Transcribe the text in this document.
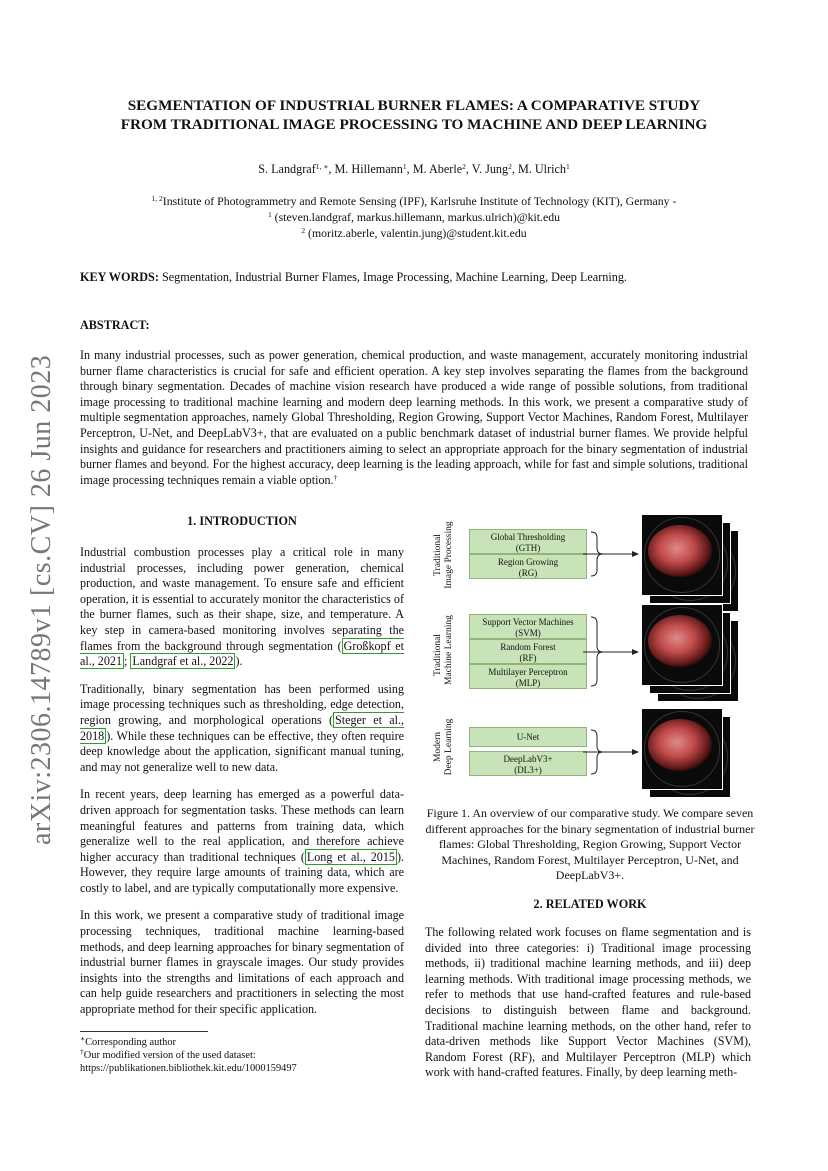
arXiv:2306.14789v1 [cs.CV] 26 Jun 2023
SEGMENTATION OF INDUSTRIAL BURNER FLAMES: A COMPARATIVE STUDY
FROM TRADITIONAL IMAGE PROCESSING TO MACHINE AND DEEP LEARNING
S. Landgraf$^{1, ∗}$, M. Hillemann$^1$, M. Aberle$^2$, V. Jung$^2$, M. Ulrich$^1$
$^{1, 2}$Institute of Photogrammetry and Remote Sensing (IPF), Karlsruhe Institute of Technology (KIT), Germany -
$^1$ (steven.landgraf, markus.hillemann, markus.ulrich)@kit.edu
$^2$ (moritz.aberle, valentin.jung)@student.kit.edu
KEY WORDS: Segmentation, Industrial Burner Flames, Image Processing, Machine Learning, Deep Learning.
ABSTRACT:
In many industrial processes, such as power generation, chemical production, and waste management, accurately monitoring industrial burner flame characteristics is crucial for safe and efficient operation. A key step involves separating the flames from the background through binary segmentation. Decades of machine vision research have produced a wide range of possible solutions, from traditional image processing to traditional machine learning and modern deep learning methods. In this work, we present a comparative study of multiple segmentation approaches, namely Global Thresholding, Region Growing, Support Vector Machines, Random Forest, Multilayer Perceptron, U-Net, and DeepLabV3+, that are evaluated on a public benchmark dataset of industrial burner flames. We provide helpful insights and guidance for researchers and practitioners aiming to select an appropriate approach for the binary segmentation of industrial burner flames and beyond. For the highest accuracy, deep learning is the leading approach, while for fast and simple solutions, traditional image processing techniques remain a viable option.†
1. INTRODUCTION

Industrial combustion processes play a critical role in many industrial processes, including power generation, chemical production, and waste management. To ensure safe and efficient operation, it is essential to accurately monitor the characteristics of the burner flames, such as their shape, size, and temperature. A key step in camera-based monitoring involves separating the flames from the background through segmentation ( Großkopf et al., 2021 ; Landgraf et al., 2022 ).

Traditionally, binary segmentation has been performed using image processing techniques such as thresholding, edge detection, region growing, and morphological operations ( Steger et al., 2018 ). While these techniques can be effective, they often require deep knowledge about the application, significant manual tuning, and may not generalize well to new data.

In recent years, deep learning has emerged as a powerful data-driven approach for segmentation tasks. These methods can learn meaningful features and patterns from training data, which generalize well to the real application, and therefore achieve higher accuracy than traditional techniques ( Long et al., 2015 ). However, they require large amounts of training data, which are costly to label, and are typically computationally more expensive.

In this work, we present a comparative study of traditional image processing techniques, traditional machine learning-based methods, and deep learning approaches for binary segmentation of industrial burner flames in grayscale images. Our study provides insights into the strengths and limitations of each approach and can help guide researchers and practitioners in selecting the most appropriate method for their specific application.

∗Corresponding author
†Our modified version of the used dataset:
https://publikationen.bibliothek.kit.edu/1000159497
Traditional Image Processing	Global Thresholding
(GTH)
Region Growing
(RG)
Traditional Machine Learning	Support Vector Machines
(SVM)
Random Forest
(RF)
Multilayer Perceptron
(MLP)
Modern Deep Learning	U-Net
DeepLabV3+
(DL3+)
Figure 1. An overview of our comparative study. We compare seven different approaches for the binary segmentation of industrial burner flames: Global Thresholding, Region Growing, Support Vector Machines, Random Forest, Multilayer Perceptron, U-Net, and DeepLabV3+.
2. RELATED WORK

The following related work focuses on flame segmentation and is divided into three categories: i) Traditional image processing methods, ii) traditional machine learning methods, and iii) deep learning methods. With traditional image processing methods, we refer to methods that use hand-crafted features and rule-based decisions to distinguish between flame and background. Traditional machine learning methods, on the other hand, refer to data-driven methods like Support Vector Machines (SVM), Random Forest (RF), and Multilayer Perceptron (MLP) which work with hand-crafted features. Finally, by deep learning meth-
